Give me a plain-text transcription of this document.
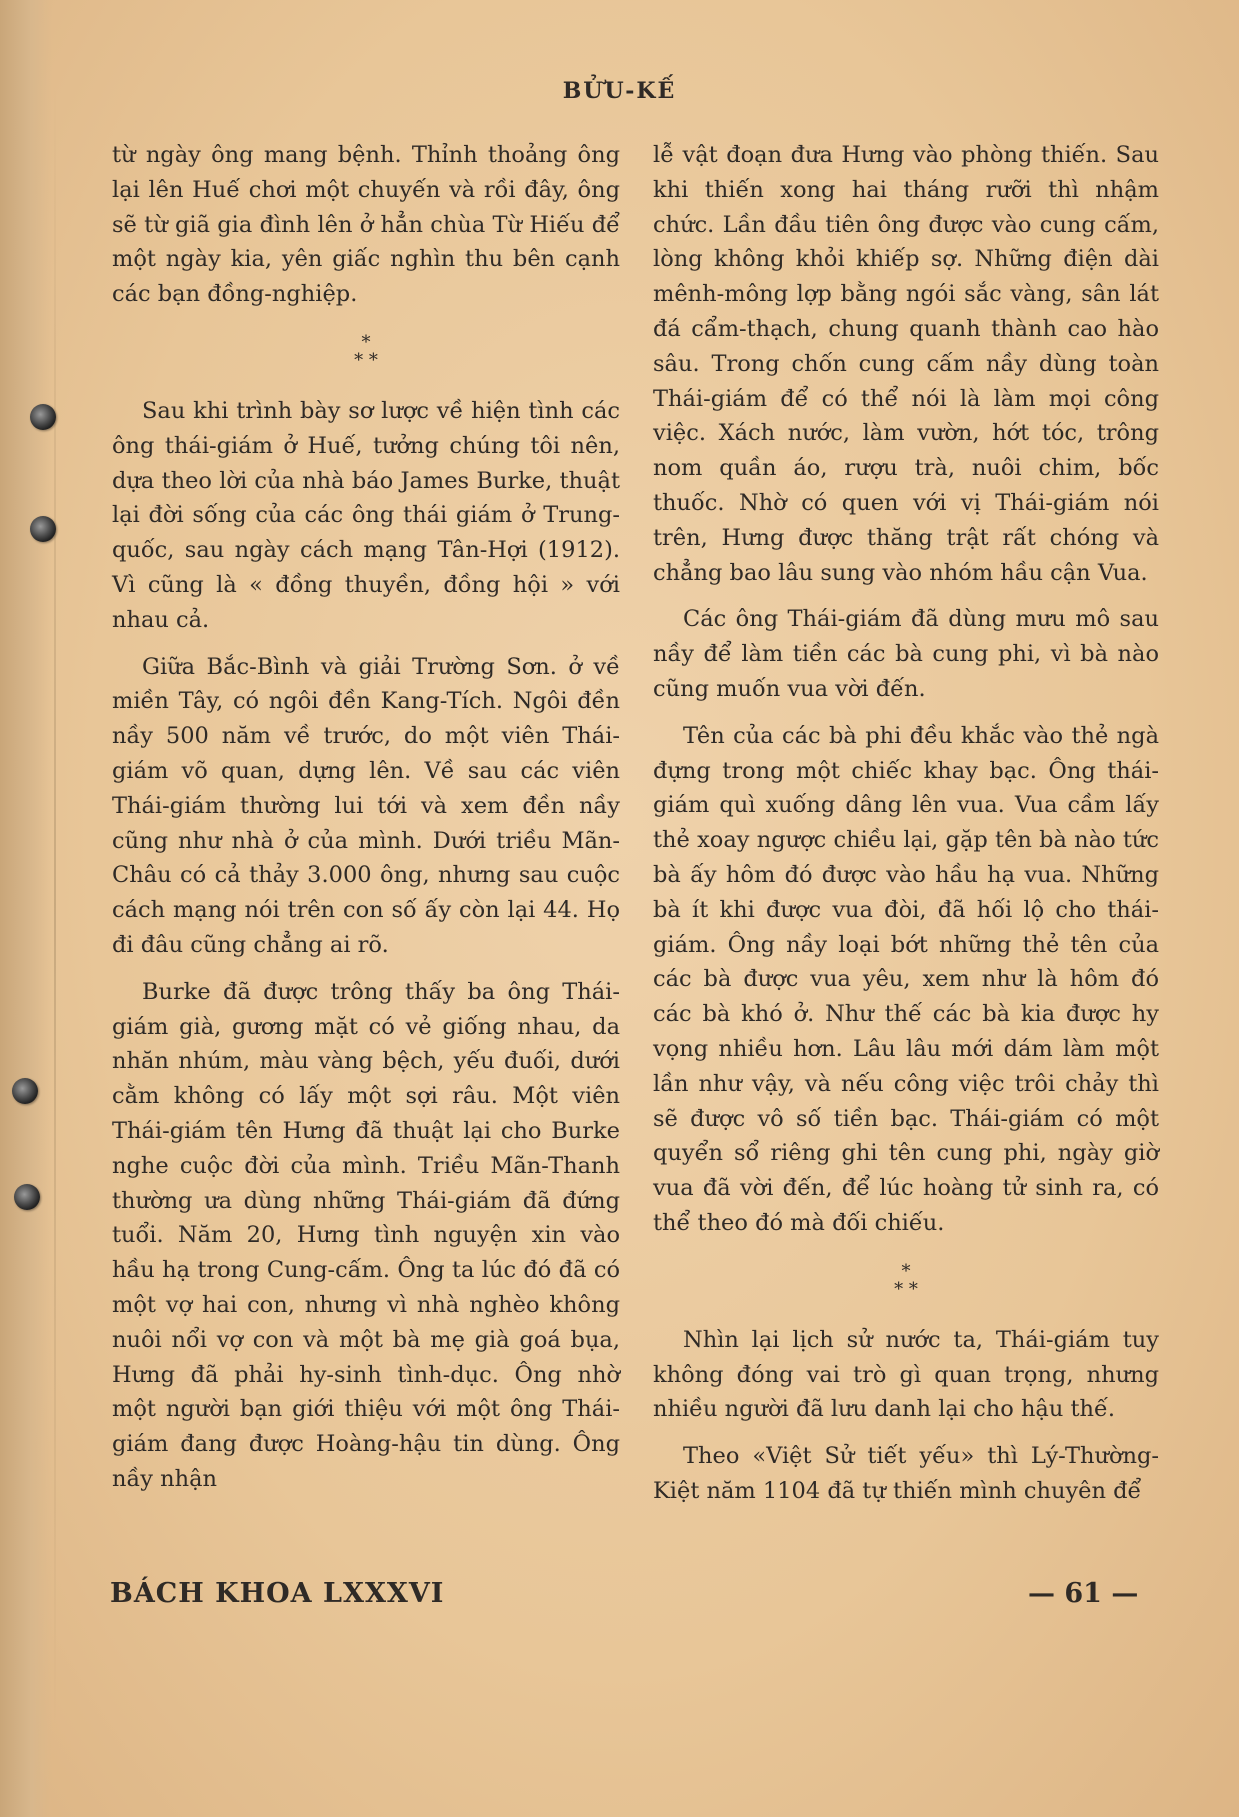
BỬU-KẾ

từ ngày ông mang bệnh. Thỉnh thoảng ông lại lên Huế chơi một chuyến và rồi đây, ông sẽ từ giã gia đình lên ở hẳn chùa Từ Hiếu để một ngày kia, yên giấc nghìn thu bên cạnh các bạn đồng-nghiệp.

*
* *

Sau khi trình bày sơ lược về hiện tình các ông thái-giám ở Huế, tưởng chúng tôi nên, dựa theo lời của nhà báo James Burke, thuật lại đời sống của các ông thái giám ở Trung-quốc, sau ngày cách mạng Tân-Hợi (1912). Vì cũng là « đồng thuyền, đồng hội » với nhau cả.

Giữa Bắc-Bình và giải Trường Sơn. ở về miền Tây, có ngôi đền Kang-Tích. Ngôi đền nầy 500 năm về trước, do một viên Thái-giám võ quan, dựng lên. Về sau các viên Thái-giám thường lui tới và xem đền nầy cũng như nhà ở của mình. Dưới triều Mãn-Châu có cả thảy 3.000 ông, nhưng sau cuộc cách mạng nói trên con số ấy còn lại 44. Họ đi đâu cũng chẳng ai rõ.

Burke đã được trông thấy ba ông Thái-giám già, gương mặt có vẻ giống nhau, da nhăn nhúm, màu vàng bệch, yếu đuối, dưới cằm không có lấy một sợi râu. Một viên Thái-giám tên Hưng đã thuật lại cho Burke nghe cuộc đời của mình. Triều Mãn-Thanh thường ưa dùng những Thái-giám đã đứng tuổi. Năm 20, Hưng tình nguyện xin vào hầu hạ trong Cung-cấm. Ông ta lúc đó đã có một vợ hai con, nhưng vì nhà nghèo không nuôi nổi vợ con và một bà mẹ già goá bụa, Hưng đã phải hy-sinh tình-dục. Ông nhờ một người bạn giới thiệu với một ông Thái-giám đang được Hoàng-hậu tin dùng. Ông nầy nhận

lễ vật đoạn đưa Hưng vào phòng thiến. Sau khi thiến xong hai tháng rưỡi thì nhậm chức. Lần đầu tiên ông được vào cung cấm, lòng không khỏi khiếp sợ. Những điện dài mênh-mông lợp bằng ngói sắc vàng, sân lát đá cẩm-thạch, chung quanh thành cao hào sâu. Trong chốn cung cấm nầy dùng toàn Thái-giám để có thể nói là làm mọi công việc. Xách nước, làm vườn, hớt tóc, trông nom quần áo, rượu trà, nuôi chim, bốc thuốc. Nhờ có quen với vị Thái-giám nói trên, Hưng được thăng trật rất chóng và chẳng bao lâu sung vào nhóm hầu cận Vua.

Các ông Thái-giám đã dùng mưu mô sau nầy để làm tiền các bà cung phi, vì bà nào cũng muốn vua vời đến.

Tên của các bà phi đều khắc vào thẻ ngà đựng trong một chiếc khay bạc. Ông thái-giám quì xuống dâng lên vua. Vua cầm lấy thẻ xoay ngược chiều lại, gặp tên bà nào tức bà ấy hôm đó được vào hầu hạ vua. Những bà ít khi được vua đòi, đã hối lộ cho thái-giám. Ông nầy loại bớt những thẻ tên của các bà được vua yêu, xem như là hôm đó các bà khó ở. Như thế các bà kia được hy vọng nhiều hơn. Lâu lâu mới dám làm một lần như vậy, và nếu công việc trôi chảy thì sẽ được vô số tiền bạc. Thái-giám có một quyển sổ riêng ghi tên cung phi, ngày giờ vua đã vời đến, để lúc hoàng tử sinh ra, có thể theo đó mà đối chiếu.

*
* *

Nhìn lại lịch sử nước ta, Thái-giám tuy không đóng vai trò gì quan trọng, nhưng nhiều người đã lưu danh lại cho hậu thế.

Theo «Việt Sử tiết yếu» thì Lý-Thường-Kiệt năm 1104 đã tự thiến mình chuyên để

BÁCH KHOA LXXXVI	— 61 —
